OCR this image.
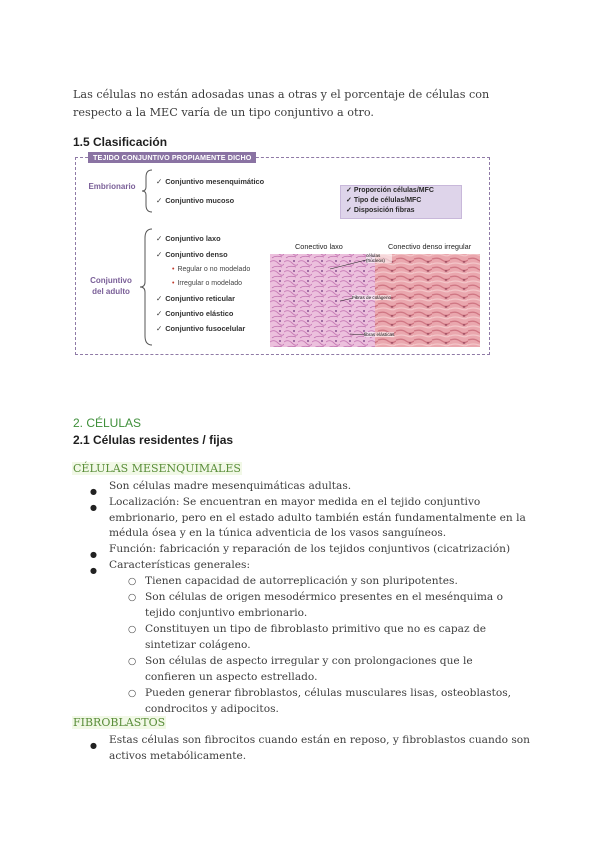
Las células no están adosadas unas a otras y el porcentaje de células con respecto a la MEC varía de un tipo conjuntivo a otro.
1.5 Clasificación
TEJIDO CONJUNTIVO PROPIAMENTE DICHO
Embrionario
✓ Conjuntivo mesenquimático
✓ Conjuntivo mucoso
Conjuntivo
del adulto
✓ Conjuntivo laxo
✓ Conjuntivo denso
• Regular o no modelado
• Irregular o modelado
✓ Conjuntivo reticular
✓ Conjuntivo elástico
✓ Conjuntivo fusocelular
✓ Proporción células/MFC
✓ Tipo de células/MFC
✓ Disposición fibras
Conectivo laxo	Conectivo denso irregular
células (núcleos)
Fibras de colágeno
fibras elásticas
2. CÉLULAS
2.1 Células residentes / fijas
CÉLULAS MESENQUIMALES
● Son células madre mesenquimáticas adultas.
● Localización: Se encuentran en mayor medida en el tejido conjuntivo embrionario, pero en el estado adulto también están fundamentalmente en la médula ósea y en la túnica adventicia de los vasos sanguíneos.
● Función: fabricación y reparación de los tejidos conjuntivos (cicatrización)
● Características generales:
○ Tienen capacidad de autorreplicación y son pluripotentes.
○ Son células de origen mesodérmico presentes en el mesénquima o tejido conjuntivo embrionario.
○ Constituyen un tipo de fibroblasto primitivo que no es capaz de sintetizar colágeno.
○ Son células de aspecto irregular y con prolongaciones que le confieren un aspecto estrellado.
○ Pueden generar fibroblastos, células musculares lisas, osteoblastos, condrocitos y adipocitos.
FIBROBLASTOS
● Estas células son fibrocitos cuando están en reposo, y fibroblastos cuando son activos metabólicamente.
